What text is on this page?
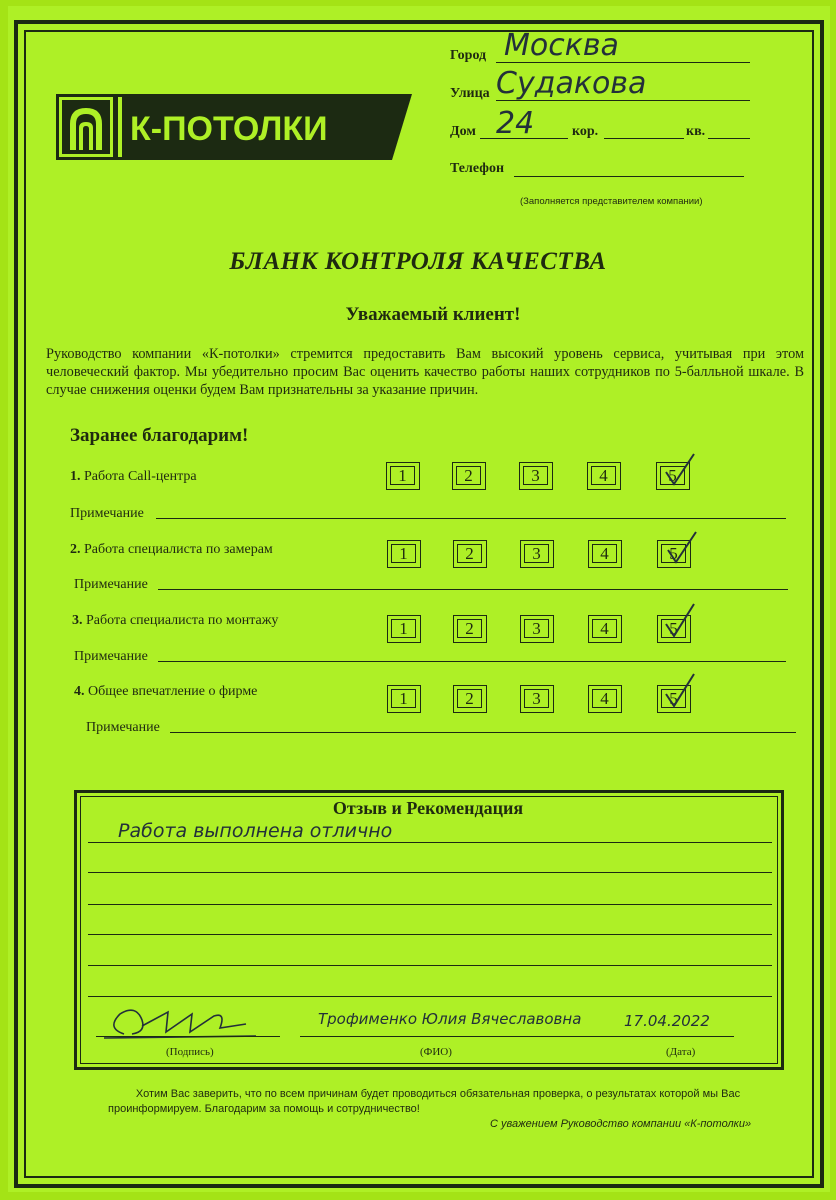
К-ПОТОЛКИ
Город Москва
Улица Судакова
Дом 24	кор.	кв.
Телефон
(Заполняется представителем компании)
БЛАНК КОНТРОЛЯ КАЧЕСТВА
Уважаемый клиент!
Руководство компании «К-потолки» стремится предоставить Вам высокий уровень сервиса, учитывая при этом человеческий фактор. Мы убедительно просим Вас оценить качество работы наших сотрудников по 5-балльной шкале. В случае снижения оценки будем Вам признательны за указание причин.
Заранее благодарим!
1. Работа Call-центра	1	2	3	4	5
Примечание
2. Работа специалиста по замерам	1	2	3	4	5
Примечание
3. Работа специалиста по монтажу	1	2	3	4	5
Примечание
4. Общее впечатление о фирме	1	2	3	4	5
Примечание
Отзыв и Рекомендация
Работа выполнена отлично
Трофименко Юлия Вячеславовна	17.04.2022
(Подпись)	(ФИО)	(Дата)
Хотим Вас заверить, что по всем причинам будет проводиться обязательная проверка, о результатах которой мы Вас
проинформируем. Благодарим за помощь и сотрудничество!
С уважением Руководство компании «К-потолки»
